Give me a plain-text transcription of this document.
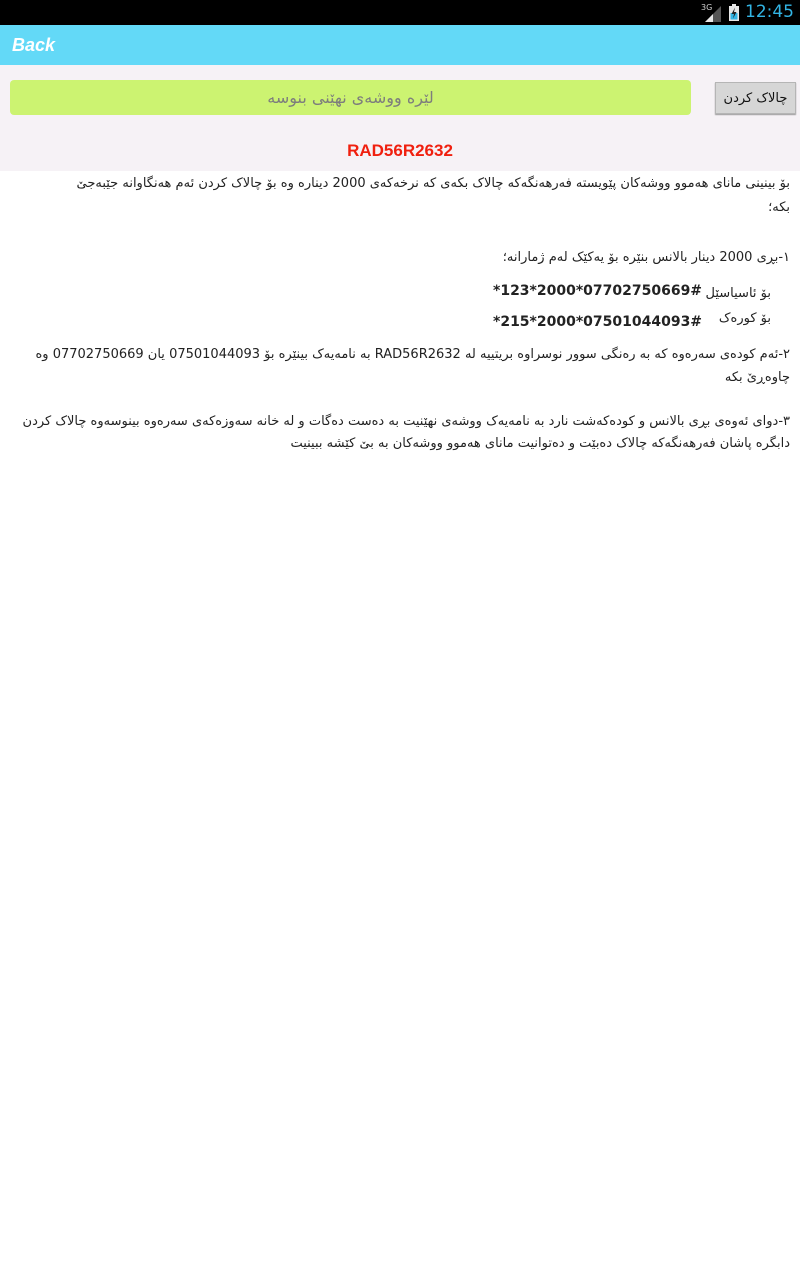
3G 12:45
Back
لێرە ووشەی نهێنی بنوسە
چالاک کردن
RAD56R2632

بۆ بینینی مانای هەموو ووشەکان پێویستە فەرهەنگەکە چالاک بکەی کە نرخەکەی 2000 دینارە وە بۆ چالاک کردن ئەم هەنگاوانە جێبەجێ

بکە؛

١-بڕی 2000 دینار بالانس بنێرە بۆ یەکێک لەم ژمارانە؛

بۆ ئاسیاسێل
*123*2000*07702750669#
بۆ کورەک
*215*2000*07501044093#

٢-ئەم کودەی سەرەوە کە بە رەنگی سوور نوسراوە بریتییە لە RAD56R2632 بە نامەیەک بینێرە بۆ 07501044093 یان 07702750669 وە

چاوەڕێ بکە

٣-دوای ئەوەی بڕی بالانس و کودەکەشت نارد بە نامەیەک ووشەی نهێنیت بە دەست دەگات و لە خانە سەوزەکەی سەرەوە بینوسەوە چالاک کردن

دابگرە پاشان فەرهەنگەکە چالاک دەبێت و دەتوانیت مانای هەموو ووشەکان بە بێ کێشە ببینیت
